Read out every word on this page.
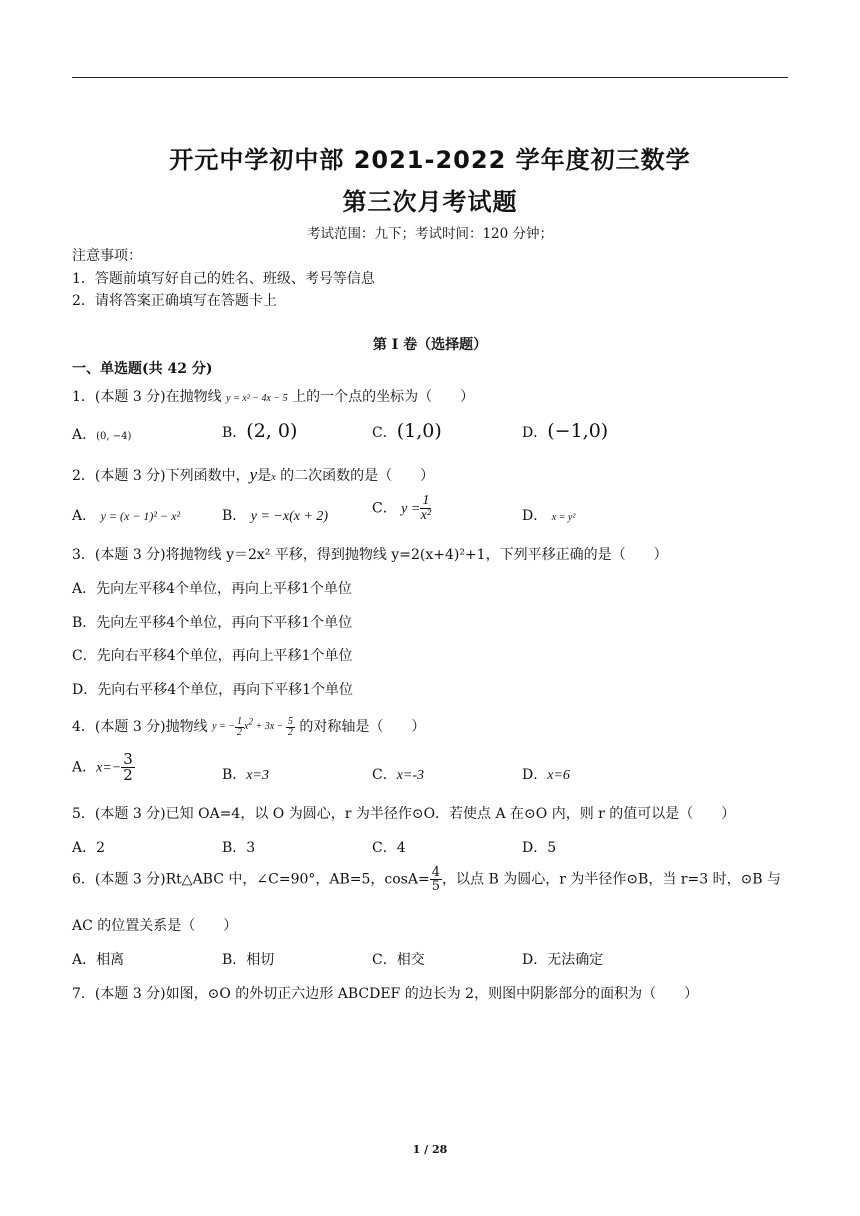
开元中学初中部 2021-2022 学年度初三数学
第三次月考试题
考试范围：九下；考试时间：120 分钟；
注意事项：
1．答题前填写好自己的姓名、班级、考号等信息
2．请将答案正确填写在答题卡上
第 I 卷（选择题）
一、单选题(共 42 分)
1．(本题 3 分)在抛物线 y = x² − 4x − 5 上的一个点的坐标为（　　）
A．(0, −4)	B．(2, 0)	C．(1,0)	D．(−1,0)
2．(本题 3 分)下列函数中，y是x 的二次函数的是（　　）
A． y = (x − 1)² − x²	B． y = −x(x + 2)	C． $y = \frac{1}{\text{x²}}$	D． x = y²
3．(本题 3 分)将抛物线 y＝2x² 平移，得到抛物线 y=2(x+4)²+1，下列平移正确的是（　　）
A．先向左平移4个单位，再向上平移1个单位
B．先向左平移4个单位，再向下平移1个单位
C．先向右平移4个单位，再向上平移1个单位
D．先向右平移4个单位，再向下平移1个单位
4．(本题 3 分)抛物线 y = − $\frac{1}{2} x^2 + 3x - \frac{5}{2}$ 的对称轴是（　　）
A．$x=- \frac{3}{2}$	B．x=3	C．x=-3	D．x=6
5．(本题 3 分)已知 OA=4，以 O 为圆心，r 为半径作⊙O．若使点 A 在⊙O 内，则 r 的值可以是（　　）
A．2	B．3	C．4	D．5
6．(本题 3 分)Rt△ABC 中，∠C=90°，AB=5，$\cos A= \frac{4}{5}$ ，以点 B 为圆心，r 为半径作⊙B，当 r=3 时，⊙B 与
AC 的位置关系是（　　）
A．相离	B．相切	C．相交	D．无法确定
7．(本题 3 分)如图，⊙O 的外切正六边形 ABCDEF 的边长为 2，则图中阴影部分的面积为（　　）
1 / 28
